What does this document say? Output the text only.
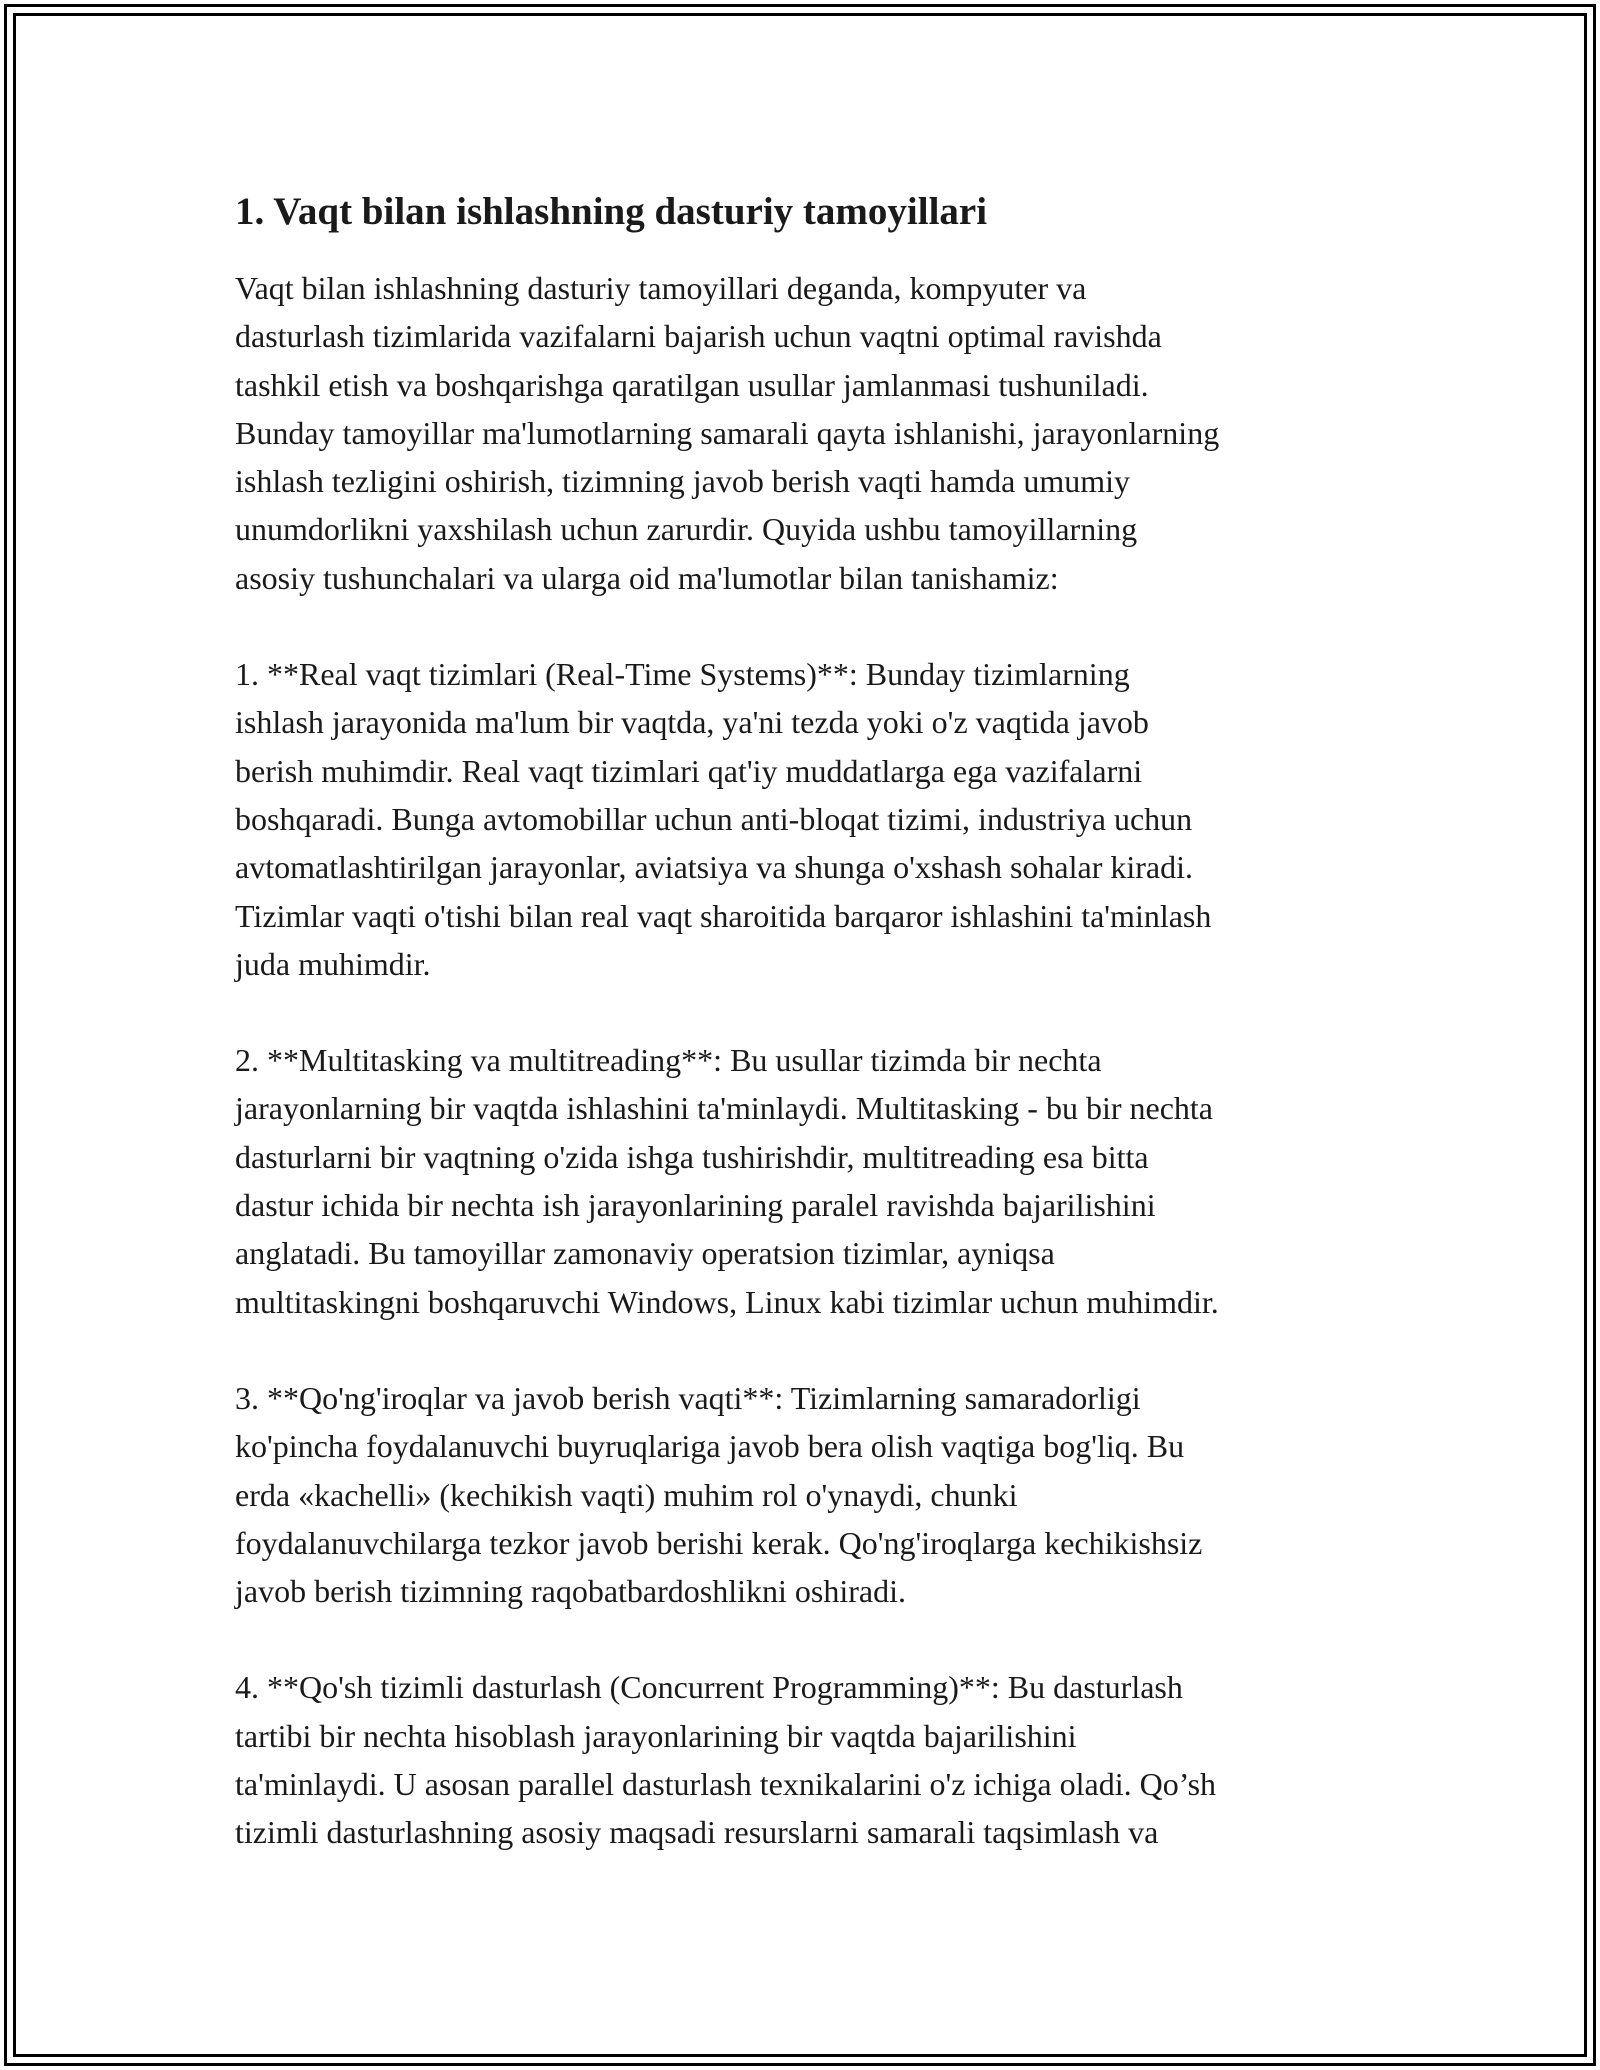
1. Vaqt bilan ishlashning dasturiy tamoyillari

Vaqt bilan ishlashning dasturiy tamoyillari deganda, kompyuter va
dasturlash tizimlarida vazifalarni bajarish uchun vaqtni optimal ravishda
tashkil etish va boshqarishga qaratilgan usullar jamlanmasi tushuniladi.
Bunday tamoyillar ma'lumotlarning samarali qayta ishlanishi, jarayonlarning
ishlash tezligini oshirish, tizimning javob berish vaqti hamda umumiy
unumdorlikni yaxshilash uchun zarurdir. Quyida ushbu tamoyillarning
asosiy tushunchalari va ularga oid ma'lumotlar bilan tanishamiz:

1. **Real vaqt tizimlari (Real-Time Systems)**: Bunday tizimlarning
ishlash jarayonida ma'lum bir vaqtda, ya'ni tezda yoki o'z vaqtida javob
berish muhimdir. Real vaqt tizimlari qat'iy muddatlarga ega vazifalarni
boshqaradi. Bunga avtomobillar uchun anti-bloqat tizimi, industriya uchun
avtomatlashtirilgan jarayonlar, aviatsiya va shunga o'xshash sohalar kiradi.
Tizimlar vaqti o'tishi bilan real vaqt sharoitida barqaror ishlashini ta'minlash
juda muhimdir.

2. **Multitasking va multitreading**: Bu usullar tizimda bir nechta
jarayonlarning bir vaqtda ishlashini ta'minlaydi. Multitasking - bu bir nechta
dasturlarni bir vaqtning o'zida ishga tushirishdir, multitreading esa bitta
dastur ichida bir nechta ish jarayonlarining paralel ravishda bajarilishini
anglatadi. Bu tamoyillar zamonaviy operatsion tizimlar, ayniqsa
multitaskingni boshqaruvchi Windows, Linux kabi tizimlar uchun muhimdir.

3. **Qo'ng'iroqlar va javob berish vaqti**: Tizimlarning samaradorligi
ko'pincha foydalanuvchi buyruqlariga javob bera olish vaqtiga bog'liq. Bu
erda «kachelli» (kechikish vaqti) muhim rol o'ynaydi, chunki
foydalanuvchilarga tezkor javob berishi kerak. Qo'ng'iroqlarga kechikishsiz
javob berish tizimning raqobatbardoshlikni oshiradi.

4. **Qo'sh tizimli dasturlash (Concurrent Programming)**: Bu dasturlash
tartibi bir nechta hisoblash jarayonlarining bir vaqtda bajarilishini
ta'minlaydi. U asosan parallel dasturlash texnikalarini o'z ichiga oladi. Qo’sh
tizimli dasturlashning asosiy maqsadi resurslarni samarali taqsimlash va
